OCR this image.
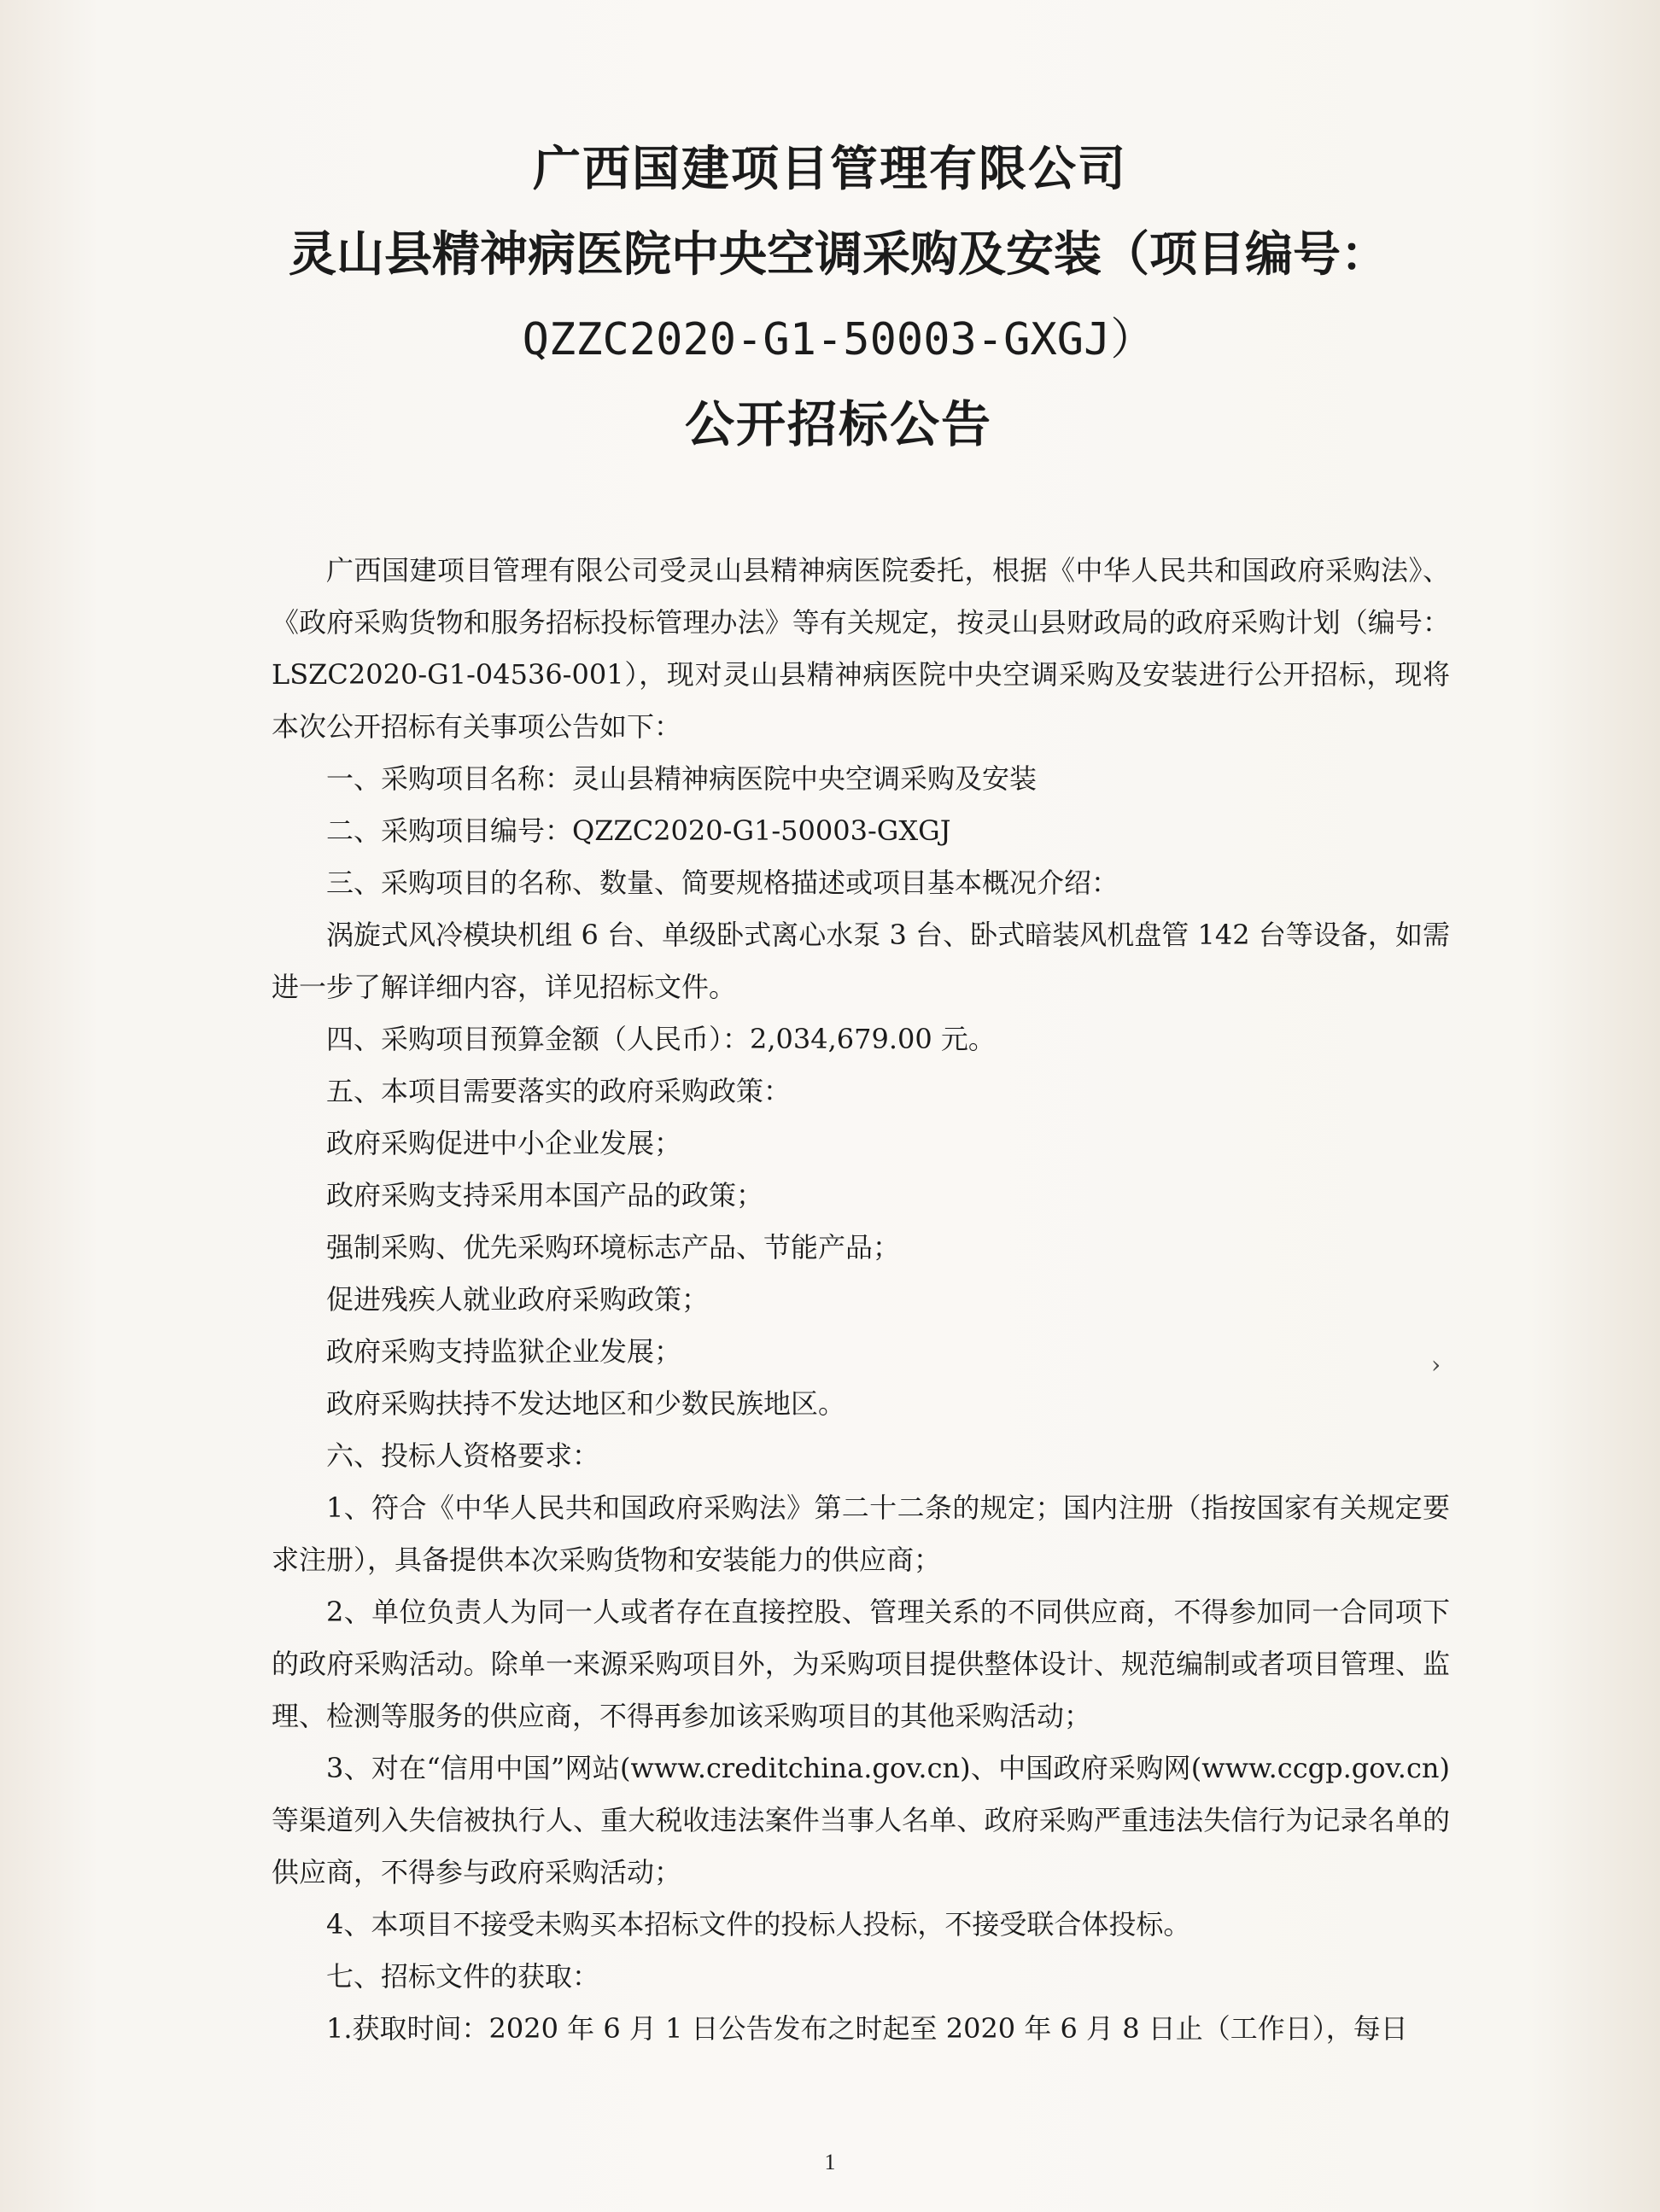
广西国建项目管理有限公司
灵山县精神病医院中央空调采购及安装（项目编号：
QZZC2020-G1-50003-GXGJ）
公开招标公告

广西国建项目管理有限公司受灵山县精神病医院委托，根据《中华人民共和国政府采购法》、《政府采购货物和服务招标投标管理办法》等有关规定，按灵山县财政局的政府采购计划（编号：LSZC2020-G1-04536-001），现对灵山县精神病医院中央空调采购及安装进行公开招标，现将本次公开招标有关事项公告如下：

一、采购项目名称：灵山县精神病医院中央空调采购及安装

二、采购项目编号：QZZC2020-G1-50003-GXGJ

三、采购项目的名称、数量、简要规格描述或项目基本概况介绍：

涡旋式风冷模块机组 6 台、单级卧式离心水泵 3 台、卧式暗装风机盘管 142 台等设备，如需进一步了解详细内容，详见招标文件。

四、采购项目预算金额（人民币）：2,034,679.00 元。

五、本项目需要落实的政府采购政策：

政府采购促进中小企业发展；

政府采购支持采用本国产品的政策；

强制采购、优先采购环境标志产品、节能产品；

促进残疾人就业政府采购政策；

政府采购支持监狱企业发展；

政府采购扶持不发达地区和少数民族地区。

六、投标人资格要求：

1、符合《中华人民共和国政府采购法》第二十二条的规定；国内注册（指按国家有关规定要求注册），具备提供本次采购货物和安装能力的供应商；

2、单位负责人为同一人或者存在直接控股、管理关系的不同供应商，不得参加同一合同项下的政府采购活动。除单一来源采购项目外，为采购项目提供整体设计、规范编制或者项目管理、监理、检测等服务的供应商，不得再参加该采购项目的其他采购活动；

3、对在“信用中国”网站(www.creditchina.gov.cn)、中国政府采购网(www.ccgp.gov.cn)等渠道列入失信被执行人、重大税收违法案件当事人名单、政府采购严重违法失信行为记录名单的供应商，不得参与政府采购活动；

4、本项目不接受未购买本招标文件的投标人投标，不接受联合体投标。

七、招标文件的获取：

1.获取时间：2020 年 6 月 1 日公告发布之时起至 2020 年 6 月 8 日止（工作日），每日

›
1
